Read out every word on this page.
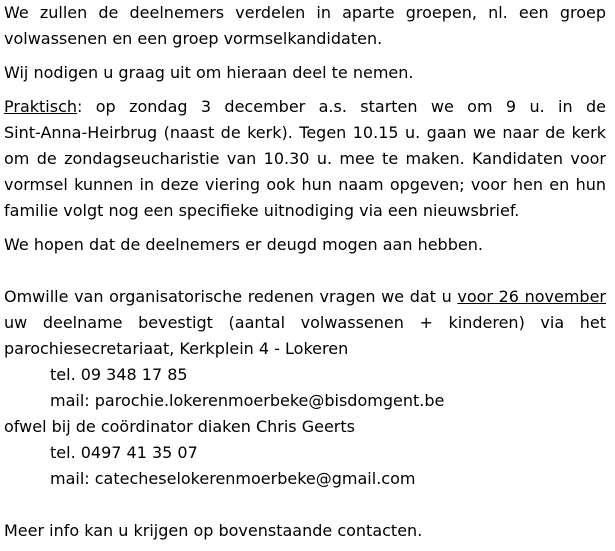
We zullen de deelnemers verdelen in aparte groepen, nl. een groep
volwassenen en een groep vormselkandidaten.
Wij nodigen u graag uit om hieraan deel te nemen.
Praktisch: op zondag 3 december a.s. starten we om 9 u. in de
Sint-Anna-Heirbrug (naast de kerk). Tegen 10.15 u. gaan we naar de kerk
om de zondagseucharistie van 10.30 u. mee te maken. Kandidaten voor
vormsel kunnen in deze viering ook hun naam opgeven; voor hen en hun
familie volgt nog een specifieke uitnodiging via een nieuwsbrief.
We hopen dat de deelnemers er deugd mogen aan hebben.
Omwille van organisatorische redenen vragen we dat u voor 26 november
uw deelname bevestigt (aantal volwassenen + kinderen) via het
parochiesecretariaat, Kerkplein 4 - Lokeren
tel. 09 348 17 85
mail: parochie.lokerenmoerbeke@bisdomgent.be
ofwel bij de coördinator diaken Chris Geerts
tel. 0497 41 35 07
mail: catecheselokerenmoerbeke@gmail.com
Meer info kan u krijgen op bovenstaande contacten.
